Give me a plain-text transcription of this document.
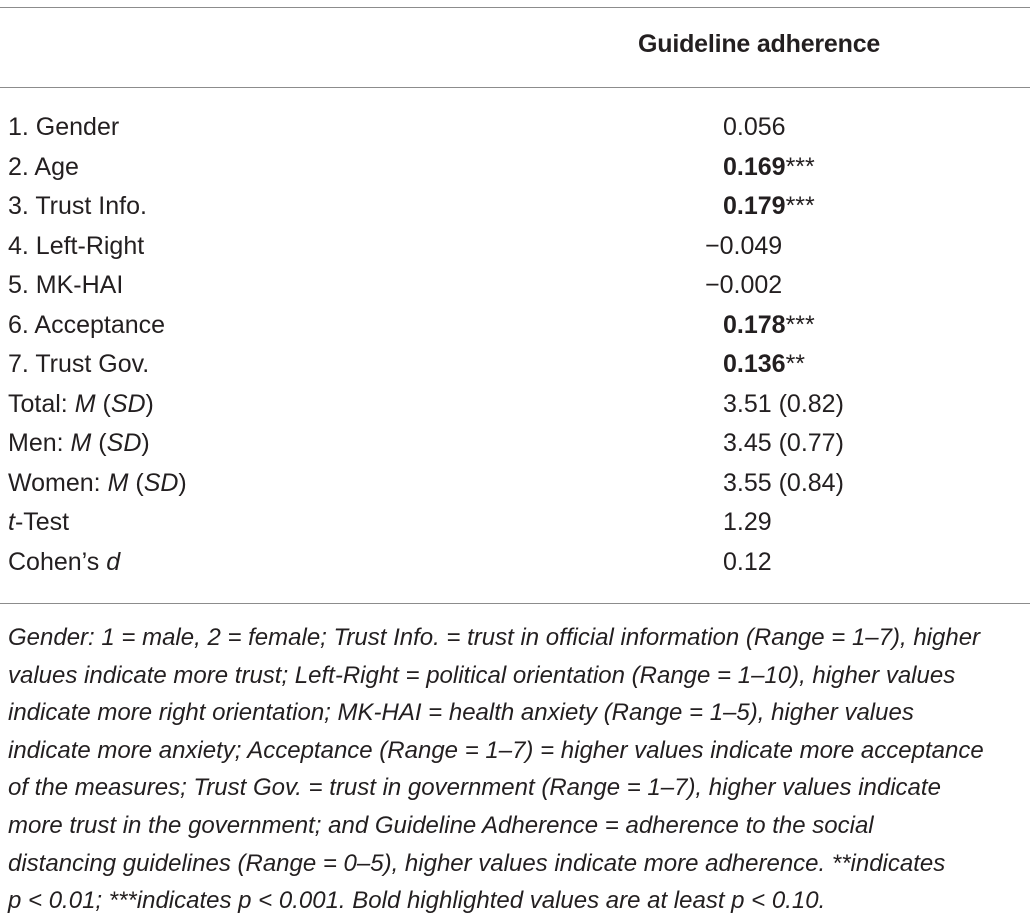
Guideline adherence
1. Gender	0.056
2. Age	0.169***
3. Trust Info.	0.179***
4. Left-Right	−0.049
5. MK-HAI	−0.002
6. Acceptance	0.178***
7. Trust Gov.	0.136**
Total: M (SD)	3.51 (0.82)
Men: M (SD)	3.45 (0.77)
Women: M (SD)	3.55 (0.84)
t-Test	1.29
Cohen’s d	0.12
Gender: 1 = male, 2 = female; Trust Info. = trust in official information (Range = 1–7), higher
values indicate more trust; Left-Right = political orientation (Range = 1–10), higher values
indicate more right orientation; MK-HAI = health anxiety (Range = 1–5), higher values
indicate more anxiety; Acceptance (Range = 1–7) = higher values indicate more acceptance
of the measures; Trust Gov. = trust in government (Range = 1–7), higher values indicate
more trust in the government; and Guideline Adherence = adherence to the social
distancing guidelines (Range = 0–5), higher values indicate more adherence. **indicates
p < 0.01; ***indicates p < 0.001. Bold highlighted values are at least p < 0.10.
